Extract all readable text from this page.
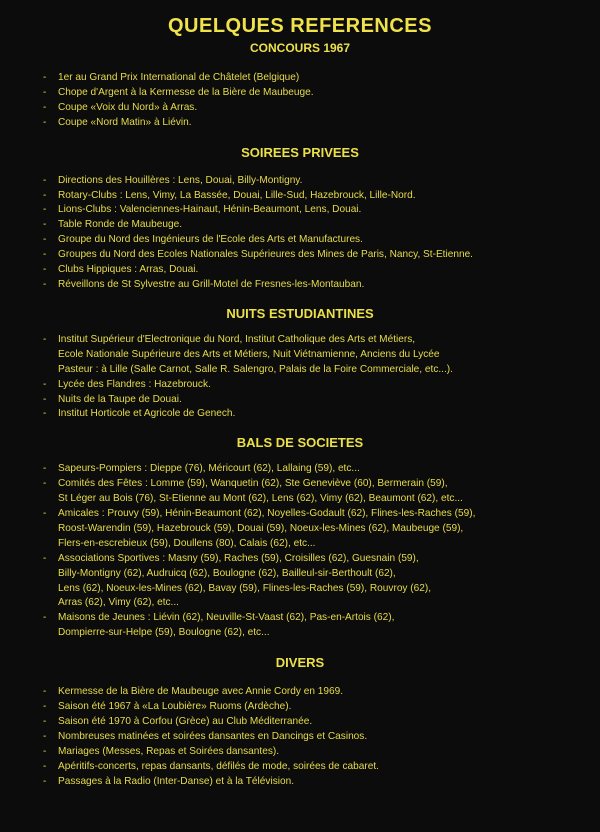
QUELQUES REFERENCES
CONCOURS 1967
- 1er au Grand Prix International de Châtelet (Belgique)
- Chope d'Argent à la Kermesse de la Bière de Maubeuge.
- Coupe «Voix du Nord» à Arras.
- Coupe «Nord Matin» à Liévin.
SOIREES PRIVEES
- Directions des Houillères : Lens, Douai, Billy-Montigny.
- Rotary-Clubs : Lens, Vimy, La Bassée, Douai, Lille-Sud, Hazebrouck, Lille-Nord.
- Lions-Clubs : Valenciennes-Hainaut, Hénin-Beaumont, Lens, Douai.
- Table Ronde de Maubeuge.
- Groupe du Nord des Ingénieurs de l'Ecole des Arts et Manufactures.
- Groupes du Nord des Ecoles Nationales Supérieures des Mines de Paris, Nancy, St-Etienne.
- Clubs Hippiques : Arras, Douai.
- Réveillons de St Sylvestre au Grill-Motel de Fresnes-les-Montauban.
NUITS ESTUDIANTINES
- Institut Supérieur d'Electronique du Nord, Institut Catholique des Arts et Métiers,
Ecole Nationale Supérieure des Arts et Métiers, Nuit Viétnamienne, Anciens du Lycée
Pasteur : à Lille (Salle Carnot, Salle R. Salengro, Palais de la Foire Commerciale, etc...).
- Lycée des Flandres : Hazebrouck.
- Nuits de la Taupe de Douai.
- Institut Horticole et Agricole de Genech.
BALS DE SOCIETES
- Sapeurs-Pompiers : Dieppe (76), Méricourt (62), Lallaing (59), etc...
- Comités des Fêtes : Lomme (59), Wanquetin (62), Ste Geneviève (60), Bermerain (59),
St Léger au Bois (76), St-Etienne au Mont (62), Lens (62), Vimy (62), Beaumont (62), etc...
- Amicales : Prouvy (59), Hénin-Beaumont (62), Noyelles-Godault (62), Flines-les-Raches (59),
Roost-Warendin (59), Hazebrouck (59), Douai (59), Noeux-les-Mines (62), Maubeuge (59),
Flers-en-escrebieux (59), Doullens (80), Calais (62), etc...
- Associations Sportives : Masny (59), Raches (59), Croisilles (62), Guesnain (59),
Billy-Montigny (62), Audruicq (62), Boulogne (62), Bailleul-sir-Berthoult (62),
Lens (62), Noeux-les-Mines (62), Bavay (59), Flines-les-Raches (59), Rouvroy (62),
Arras (62), Vimy (62), etc...
- Maisons de Jeunes : Liévin (62), Neuville-St-Vaast (62), Pas-en-Artois (62),
Dompierre-sur-Helpe (59), Boulogne (62), etc...
DIVERS
- Kermesse de la Bière de Maubeuge avec Annie Cordy en 1969.
- Saison été 1967 à «La Loubière» Ruoms (Ardèche).
- Saison été 1970 à Corfou (Grèce) au Club Méditerranée.
- Nombreuses matinées et soirées dansantes en Dancings et Casinos.
- Mariages (Messes, Repas et Soirées dansantes).
- Apéritifs-concerts, repas dansants, défilés de mode, soirées de cabaret.
- Passages à la Radio (Inter-Danse) et à la Télévision.
